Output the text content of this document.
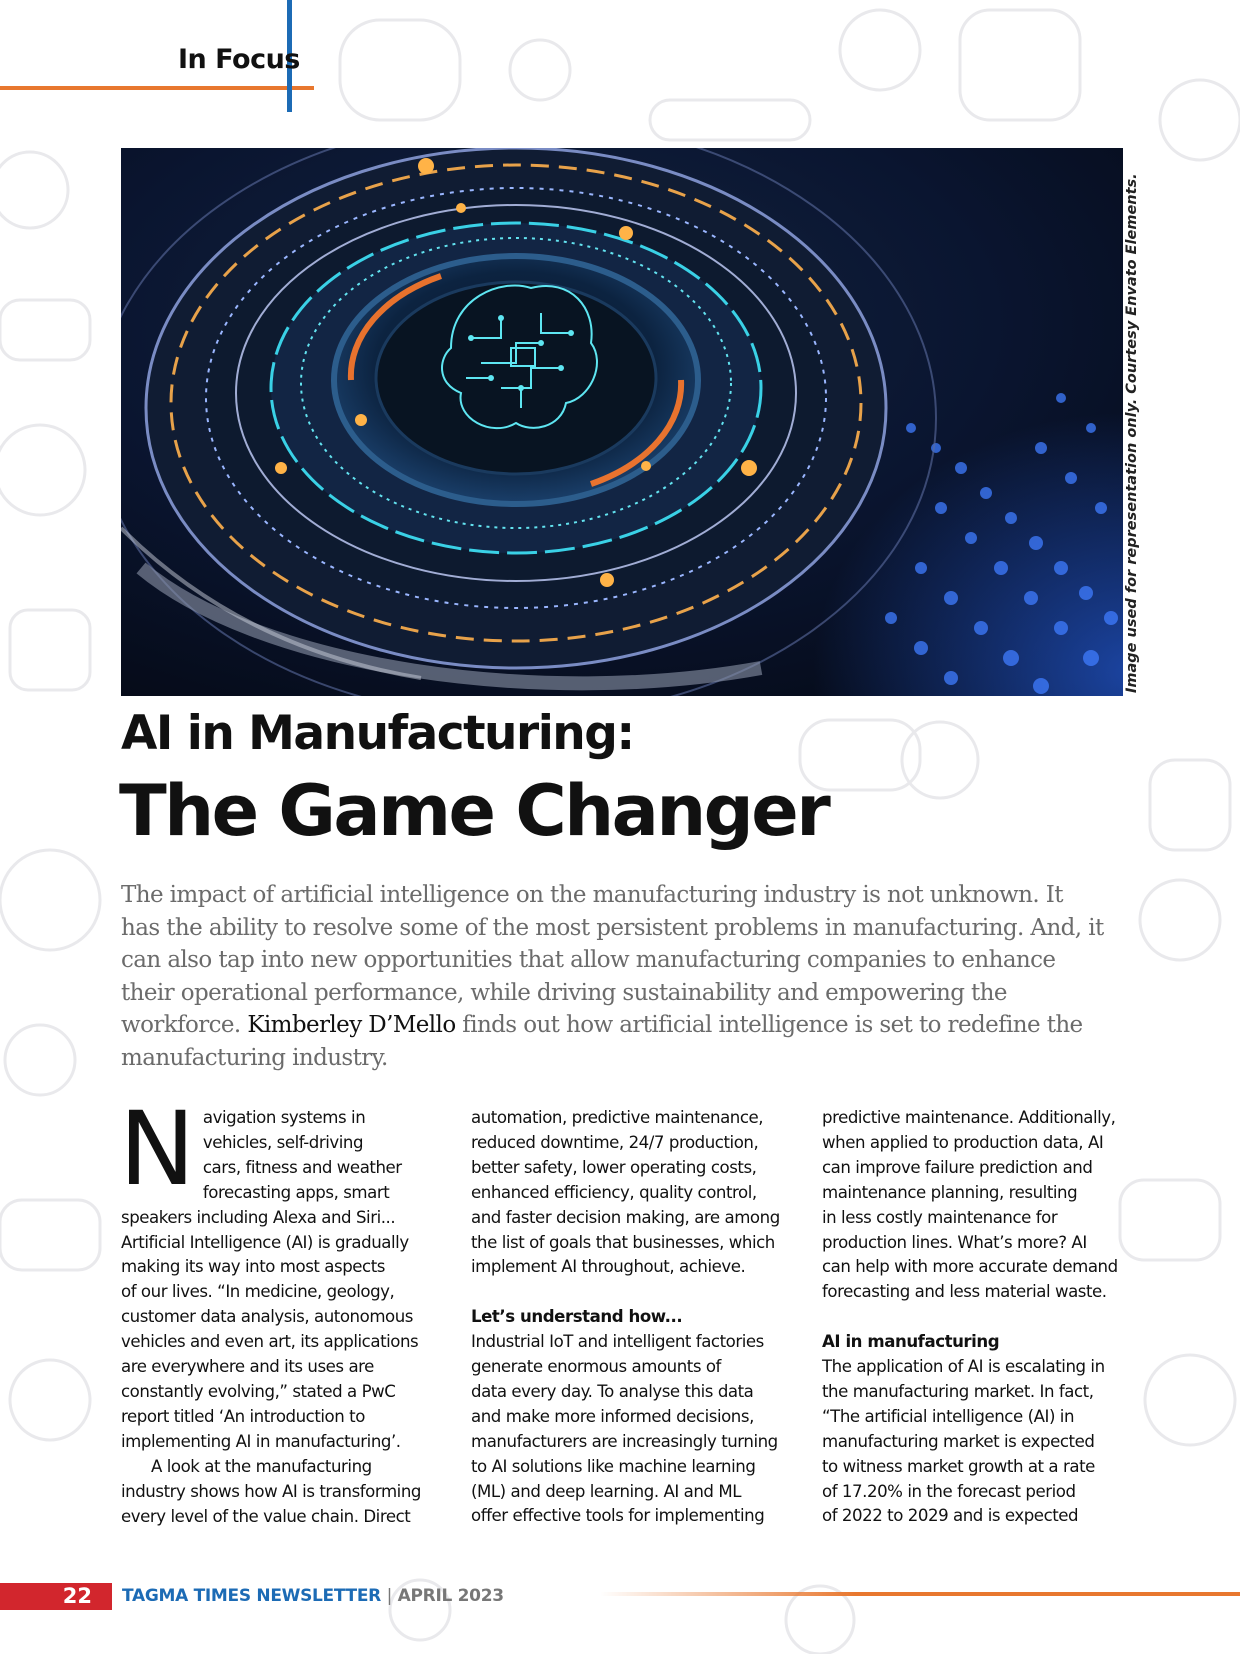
In Focus
Image used for representation only. Courtesy Envato Elements.
AI in Manufacturing:
The Game Changer
The impact of artificial intelligence on the manufacturing industry is not unknown. It has the ability to resolve some of the most persistent problems in manufacturing. And, it can also tap into new opportunities that allow manufacturing companies to enhance their operational performance, while driving sustainability and empowering the workforce. Kimberley D’Mello finds out how artificial intelligence is set to redefine the manufacturing industry.

N avigation systems in
vehicles, self-driving
cars, fitness and weather
forecasting apps, smart
speakers including Alexa and Siri...
Artificial Intelligence (AI) is gradually
making its way into most aspects
of our lives. “In medicine, geology,
customer data analysis, autonomous
vehicles and even art, its applications
are everywhere and its uses are
constantly evolving,” stated a PwC
report titled ‘An introduction to
implementing AI in manufacturing’.

A look at the manufacturing
industry shows how AI is transforming
every level of the value chain. Direct

automation, predictive maintenance,
reduced downtime, 24/7 production,
better safety, lower operating costs,
enhanced efficiency, quality control,
and faster decision making, are among
the list of goals that businesses, which
implement AI throughout, achieve.

Let’s understand how...

Industrial IoT and intelligent factories
generate enormous amounts of
data every day. To analyse this data
and make more informed decisions,
manufacturers are increasingly turning
to AI solutions like machine learning
(ML) and deep learning. AI and ML
offer effective tools for implementing

predictive maintenance. Additionally,
when applied to production data, AI
can improve failure prediction and
maintenance planning, resulting
in less costly maintenance for
production lines. What’s more? AI
can help with more accurate demand
forecasting and less material waste.

AI in manufacturing

The application of AI is escalating in
the manufacturing market. In fact,
“The artificial intelligence (AI) in
manufacturing market is expected
to witness market growth at a rate
of 17.20% in the forecast period
of 2022 to 2029 and is expected

22	TAGMA TIMES NEWSLETTER | APRIL 2023
